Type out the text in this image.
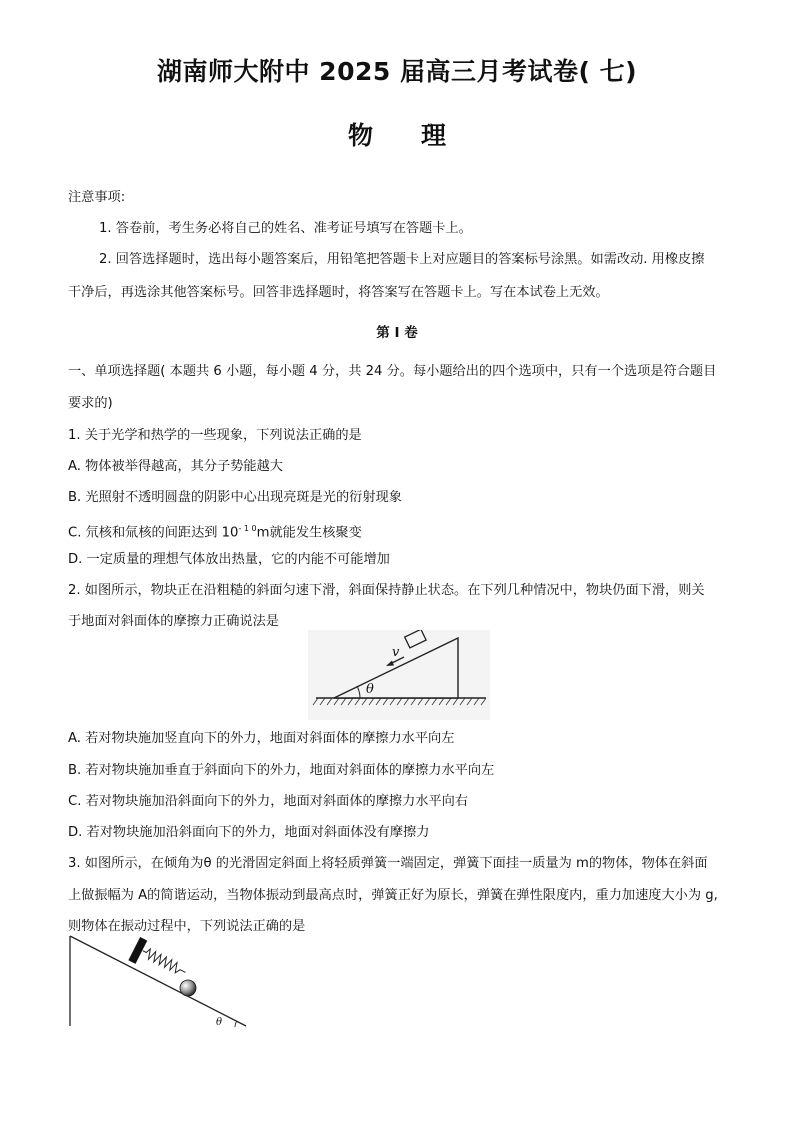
湖南师大附中 2025 届高三月考试卷( 七)
物 理
注意事项:
1. 答卷前，考生务必将自己的姓名、准考证号填写在答题卡上。
2. 回答选择题时，选出每小题答案后，用铅笔把答题卡上对应题目的答案标号涂黑。如需改动. 用橡皮擦
干净后，再选涂其他答案标号。回答非选择题时，将答案写在答题卡上。写在本试卷上无效。
第 Ⅰ 卷
一、单项选择题( 本题共 6 小题，每小题 4 分，共 24 分。每小题给出的四个选项中，只有一个选项是符合题目
要求的)
1. 关于光学和热学的一些现象，下列说法正确的是
A. 物体被举得越高，其分子势能越大
B. 光照射不透明圆盘的阴影中心出现亮斑是光的衍射现象
C. 氘核和氚核的间距达到 $10^{- 1 0}m$就能发生核聚变
D. 一定质量的理想气体放出热量，它的内能不可能增加
2. 如图所示，物块正在沿粗糙的斜面匀速下滑，斜面保持静止状态。在下列几种情况中，物块仍面下滑，则关
于地面对斜面体的摩擦力正确说法是
v
θ
A. 若对物块施加竖直向下的外力，地面对斜面体的摩擦力水平向左
B. 若对物块施加垂直于斜面向下的外力，地面对斜面体的摩擦力水平向左
C. 若对物块施加沿斜面向下的外力，地面对斜面体的摩擦力水平向右
D. 若对物块施加沿斜面向下的外力，地面对斜面体没有摩擦力
3. 如图所示，在倾角为θ 的光滑固定斜面上将轻质弹簧一端固定，弹簧下面挂一质量为 m的物体，物体在斜面
上做振幅为 A的简谐运动，当物体振动到最高点时，弹簧正好为原长，弹簧在弹性限度内，重力加速度大小为 g,
则物体在振动过程中，下列说法正确的是
θ
